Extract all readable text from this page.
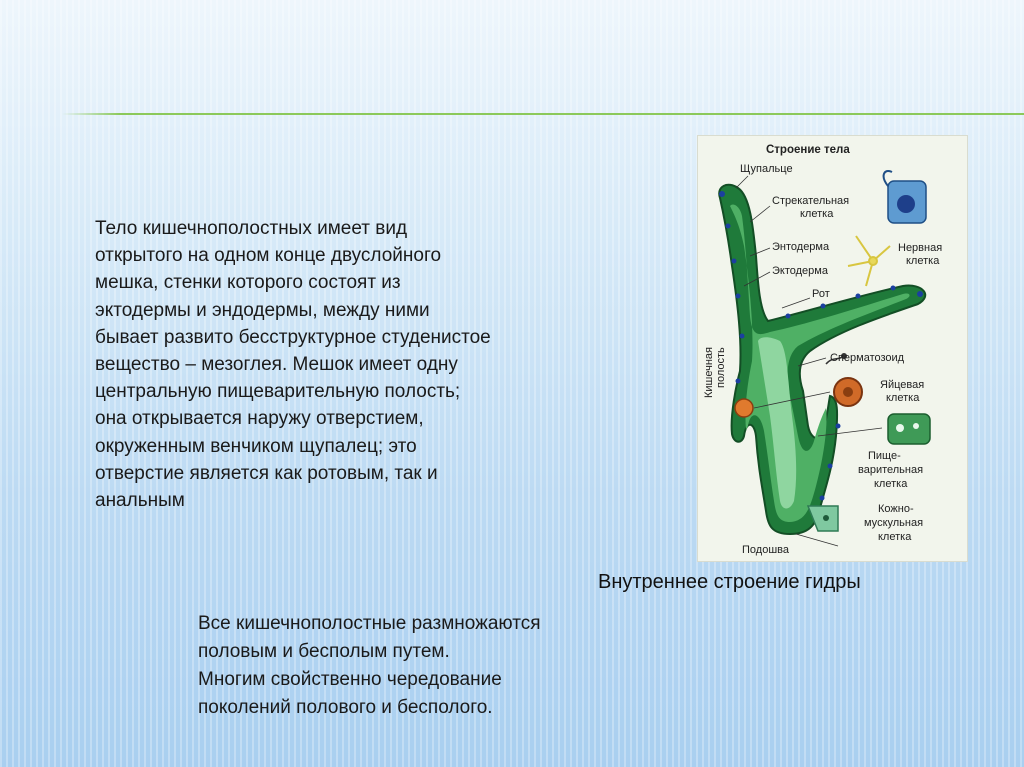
Тело кишечнополостных имеет вид
открытого на одном конце двуслойного
мешка, стенки которого состоят из
эктодермы и эндодермы, между ними
бывает развито бесструктурное студенистое
вещество – мезоглея. Мешок имеет одну
центральную пищеварительную полость;
она открывается наружу отверстием,
окруженным венчиком щупалец; это
отверстие является как ротовым, так и
анальным

Строение тела
Щупальце
Стрекательная
клетка
Энтодерма
Эктодерма
Рот
Нервная
клетка
Сперматозоид
Яйцевая
клетка
Пище-
варительная
клетка
Кожно-
мускульная
клетка
Подошва
Кишечная полость
Внутреннее строение гидры

Все кишечнополостные размножаются
половым и бесполым путем.
Многим свойственно чередование
поколений полового и бесполого.
